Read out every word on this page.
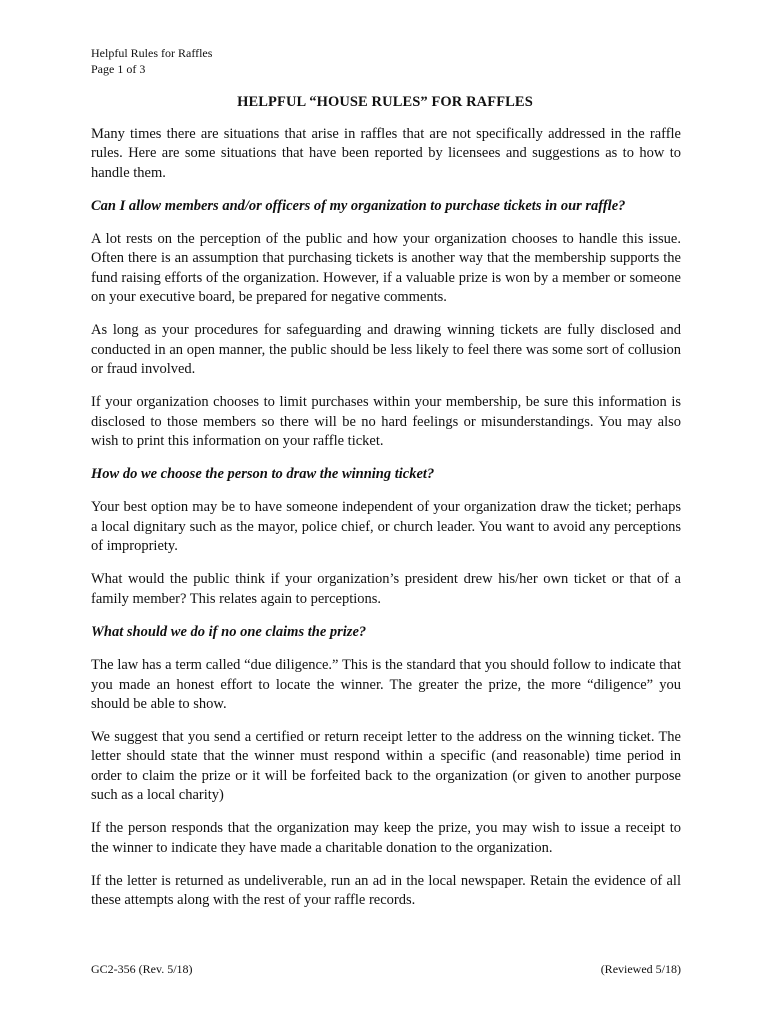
Helpful Rules for Raffles
Page 1 of 3
HELPFUL “HOUSE RULES” FOR RAFFLES

Many times there are situations that arise in raffles that are not specifically addressed in the raffle rules. Here are some situations that have been reported by licensees and suggestions as to how to handle them.

Can I allow members and/or officers of my organization to purchase tickets in our raffle?

A lot rests on the perception of the public and how your organization chooses to handle this issue. Often there is an assumption that purchasing tickets is another way that the membership supports the fund raising efforts of the organization. However, if a valuable prize is won by a member or someone on your executive board, be prepared for negative comments.

As long as your procedures for safeguarding and drawing winning tickets are fully disclosed and conducted in an open manner, the public should be less likely to feel there was some sort of collusion or fraud involved.

If your organization chooses to limit purchases within your membership, be sure this information is disclosed to those members so there will be no hard feelings or misunderstandings. You may also wish to print this information on your raffle ticket.

How do we choose the person to draw the winning ticket?

Your best option may be to have someone independent of your organization draw the ticket; perhaps a local dignitary such as the mayor, police chief, or church leader. You want to avoid any perceptions of impropriety.

What would the public think if your organization’s president drew his/her own ticket or that of a family member? This relates again to perceptions.

What should we do if no one claims the prize?

The law has a term called “due diligence.” This is the standard that you should follow to indicate that you made an honest effort to locate the winner. The greater the prize, the more “diligence” you should be able to show.

We suggest that you send a certified or return receipt letter to the address on the winning ticket. The letter should state that the winner must respond within a specific (and reasonable) time period in order to claim the prize or it will be forfeited back to the organization (or given to another purpose such as a local charity)

If the person responds that the organization may keep the prize, you may wish to issue a receipt to the winner to indicate they have made a charitable donation to the organization.

If the letter is returned as undeliverable, run an ad in the local newspaper. Retain the evidence of all these attempts along with the rest of your raffle records.

GC2-356 (Rev. 5/18)	(Reviewed 5/18)
